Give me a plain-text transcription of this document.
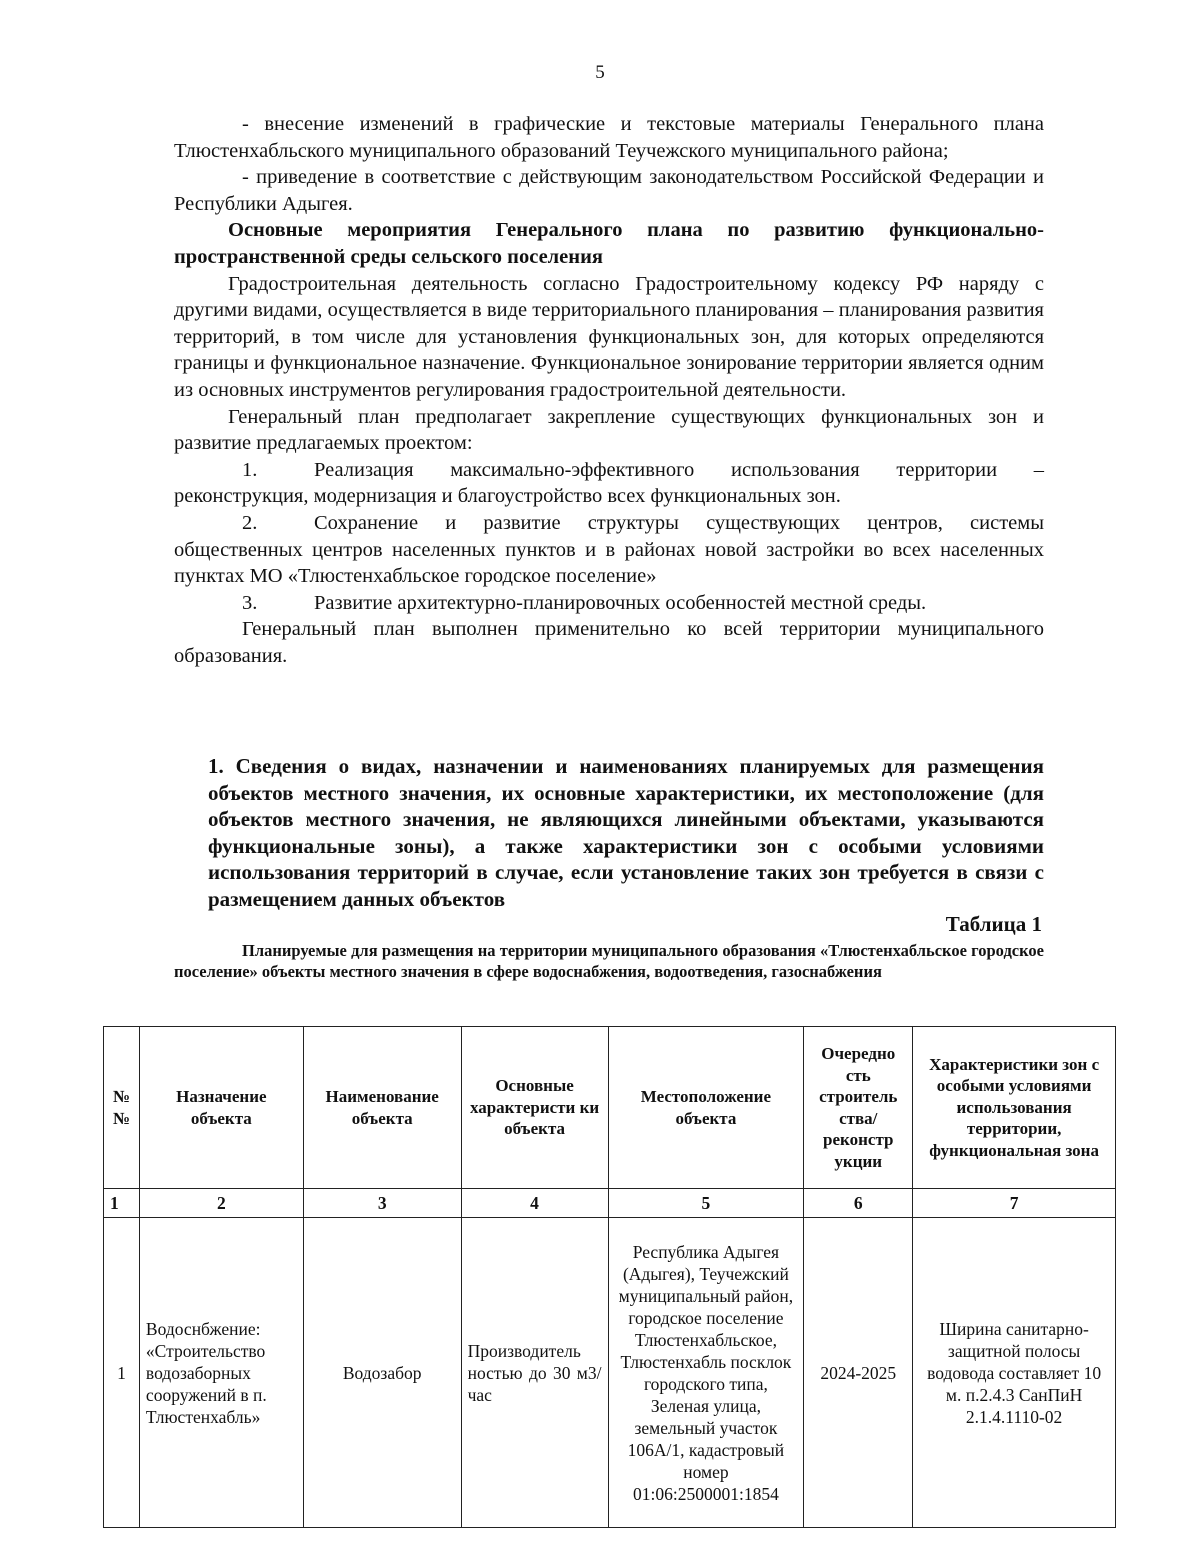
5

- внесение изменений в графические и текстовые материалы Генерального плана Тлюстенхабльского муниципального образований Теучежского муниципального района;

- приведение в соответствие с действующим законодательством Российской Федерации и Республики Адыгея.

Основные мероприятия Генерального плана по развитию функционально-пространственной среды сельского поселения

Градостроительная деятельность согласно Градостроительному кодексу РФ наряду с другими видами, осуществляется в виде территориального планирования – планирования развития территорий, в том числе для установления функциональных зон, для которых определяются границы и функциональное назначение. Функциональное зонирование территории является одним из основных инструментов регулирования градостроительной деятельности.

Генеральный план предполагает закрепление существующих функциональных зон и развитие предлагаемых проектом:

1.	Реализация максимально-эффективного использования территории – реконструкция, модернизация и благоустройство всех функциональных зон.

2.	Сохранение и развитие структуры существующих центров, системы общественных центров населенных пунктов и в районах новой застройки во всех населенных пунктах МО «Тлюстенхабльское городское поселение»

3.	Развитие архитектурно-планировочных особенностей местной среды.

Генеральный план выполнен применительно ко всей территории муниципального образования.

1. Сведения о видах, назначении и наименованиях планируемых для размещения объектов местного значения, их основные характеристики, их местоположение (для объектов местного значения, не являющихся линейными объектами, указываются функциональные зоны), а также характеристики зон с особыми условиями использования территорий в случае, если установление таких зон требуется в связи с размещением данных объектов

Таблица 1

Планируемые для размещения на территории муниципального образования «Тлюстенхабльское городское поселение» объекты местного значения в сфере водоснабжения, водоотведения, газоснабжения

№ №	Назначение объекта	Наименование объекта	Основные характеристи ки объекта	Местоположение объекта	Очередно сть строитель ства/ реконстр укции	Характеристики зон с особыми условиями использования территории, функциональная зона
1	2	3	4	5	6	7
1	Водоснбжение: «Строительство водозаборных сооружений в п. Тлюстенхабль»	Водозабор	Производитель ностью до 30 м3/час	Республика Адыгея (Адыгея), Теучежский муниципальный район, городское поселение Тлюстенхабльское, Тлюстенхабль посклок городского типа, Зеленая улица, земельный участок 106А/1, кадастровый номер 01:06:2500001:1854	2024-2025	Ширина санитарно-защитной полосы водовода составляет 10 м. п.2.4.3 СанПиН 2.1.4.1110-02
